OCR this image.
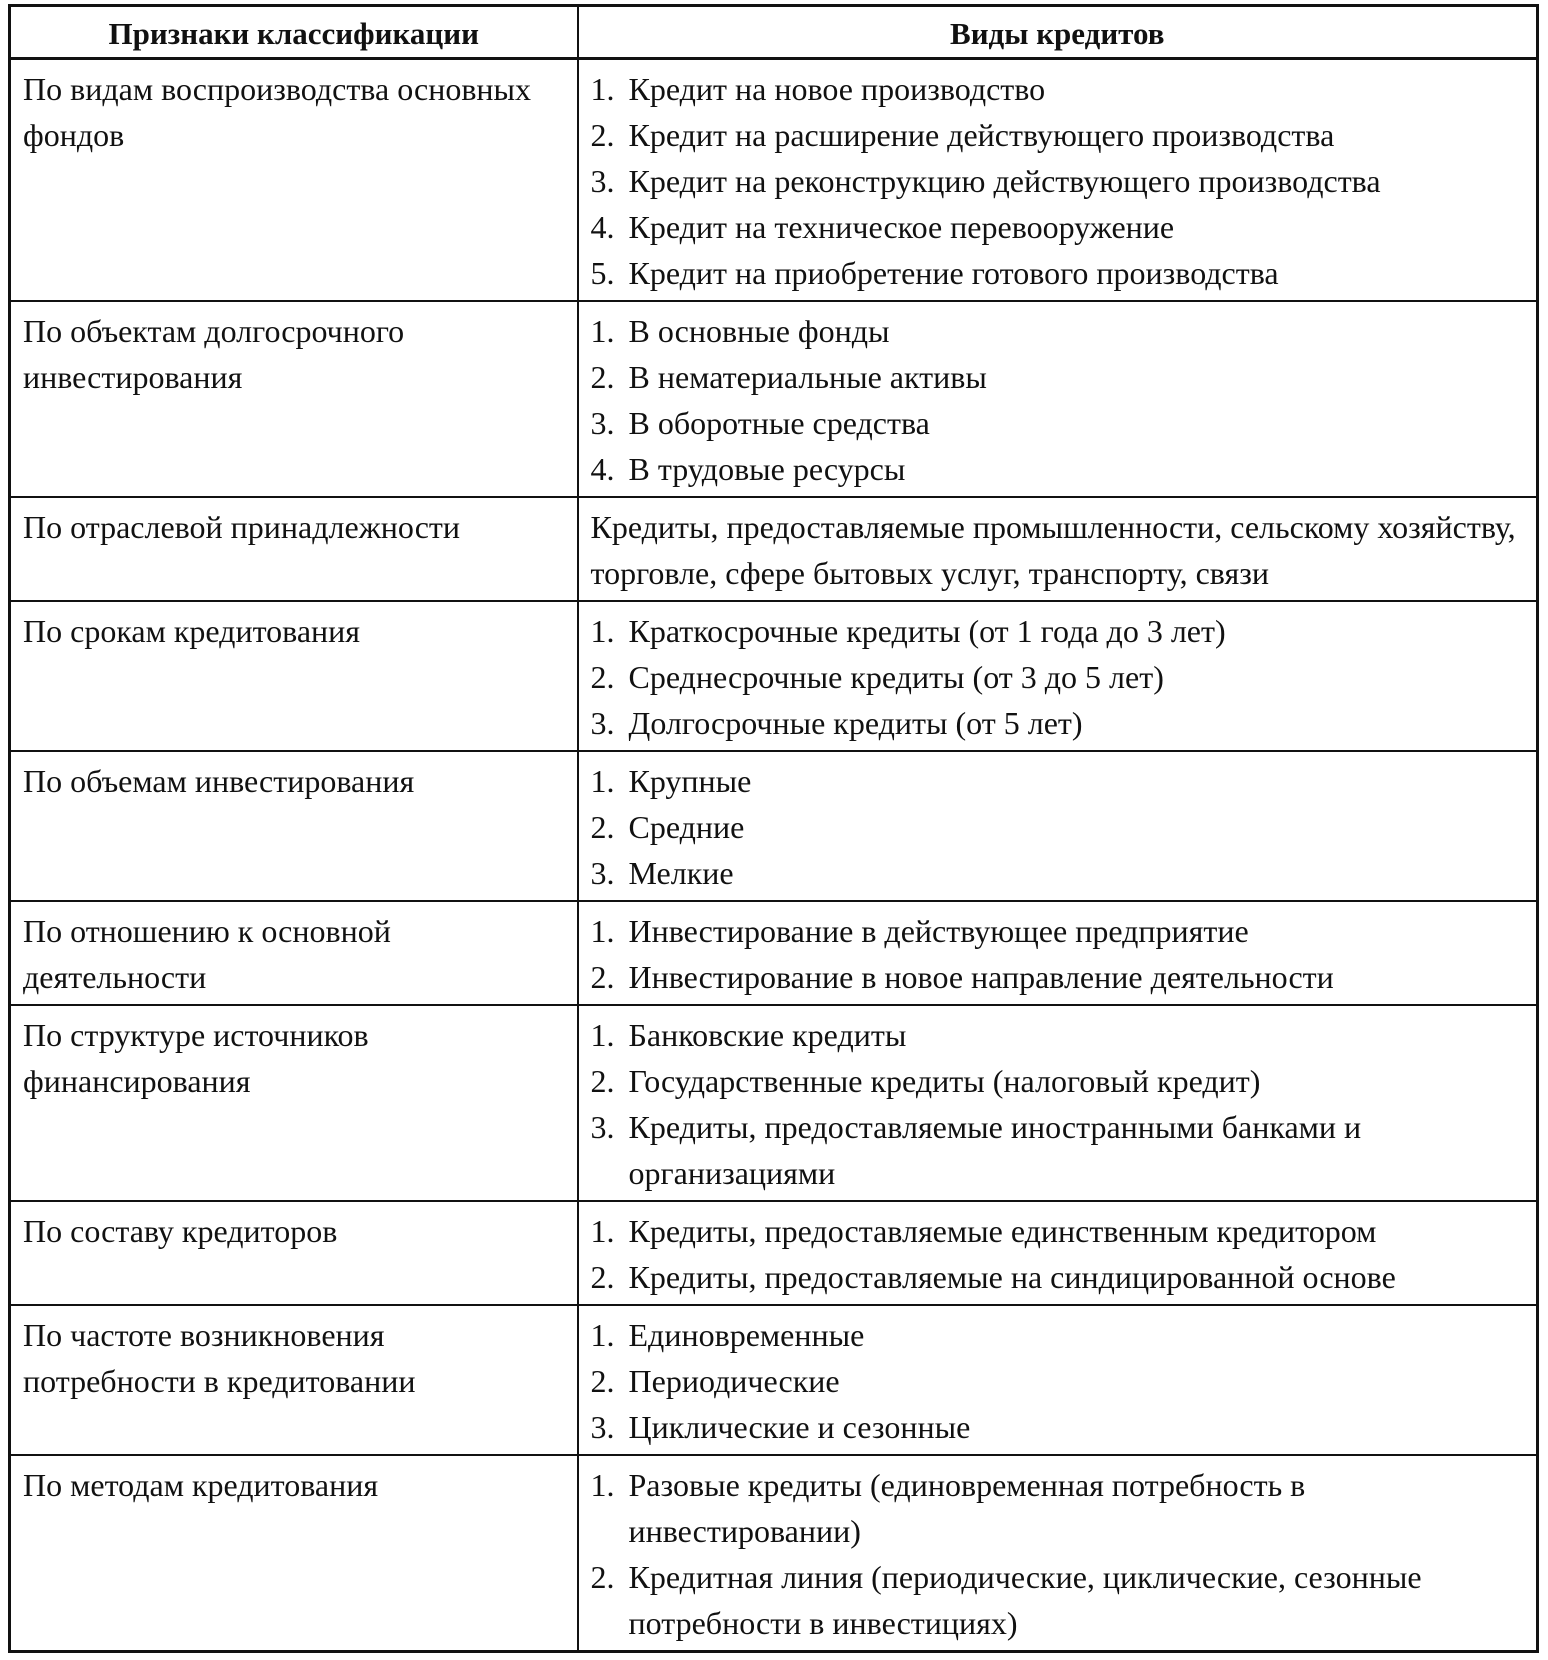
Признаки классификации	Виды кредитов
По видам воспроизводства основных фондов	1. Кредит на новое производство
2. Кредит на расширение действующего производства
3. Кредит на реконструкцию действующего производства
4. Кредит на техническое перевооружение
5. Кредит на приобретение готового производства

По объектам долгосрочного инвестирования	1. В основные фонды
2. В нематериальные активы
3. В оборотные средства
4. В трудовые ресурсы

По отраслевой принадлежности	Кредиты, предоставляемые промышленности, сельскому хозяйству, торговле, сфере бытовых услуг, транспорту, связи

По срокам кредитования	1. Краткосрочные кредиты (от 1 года до 3 лет)
2. Среднесрочные кредиты (от 3 до 5 лет)
3. Долгосрочные кредиты (от 5 лет)

По объемам инвестирования	1. Крупные
2. Средние
3. Мелкие

По отношению к основной деятельности	1. Инвестирование в действующее предприятие
2. Инвестирование в новое направление деятельности

По структуре источников финансирования	1. Банковские кредиты
2. Государственные кредиты (налоговый кредит)
3. Кредиты, предоставляемые иностранными банками и организациями

По составу кредиторов	1. Кредиты, предоставляемые единственным кредитором
2. Кредиты, предоставляемые на синдицированной основе

По частоте возникновения потребности в кредитовании	1. Единовременные
2. Периодические
3. Циклические и сезонные

По методам кредитования	1. Разовые кредиты (единовременная потребность в инвестировании)
2. Кредитная линия (периодические, циклические, сезонные потребности в инвестициях)
